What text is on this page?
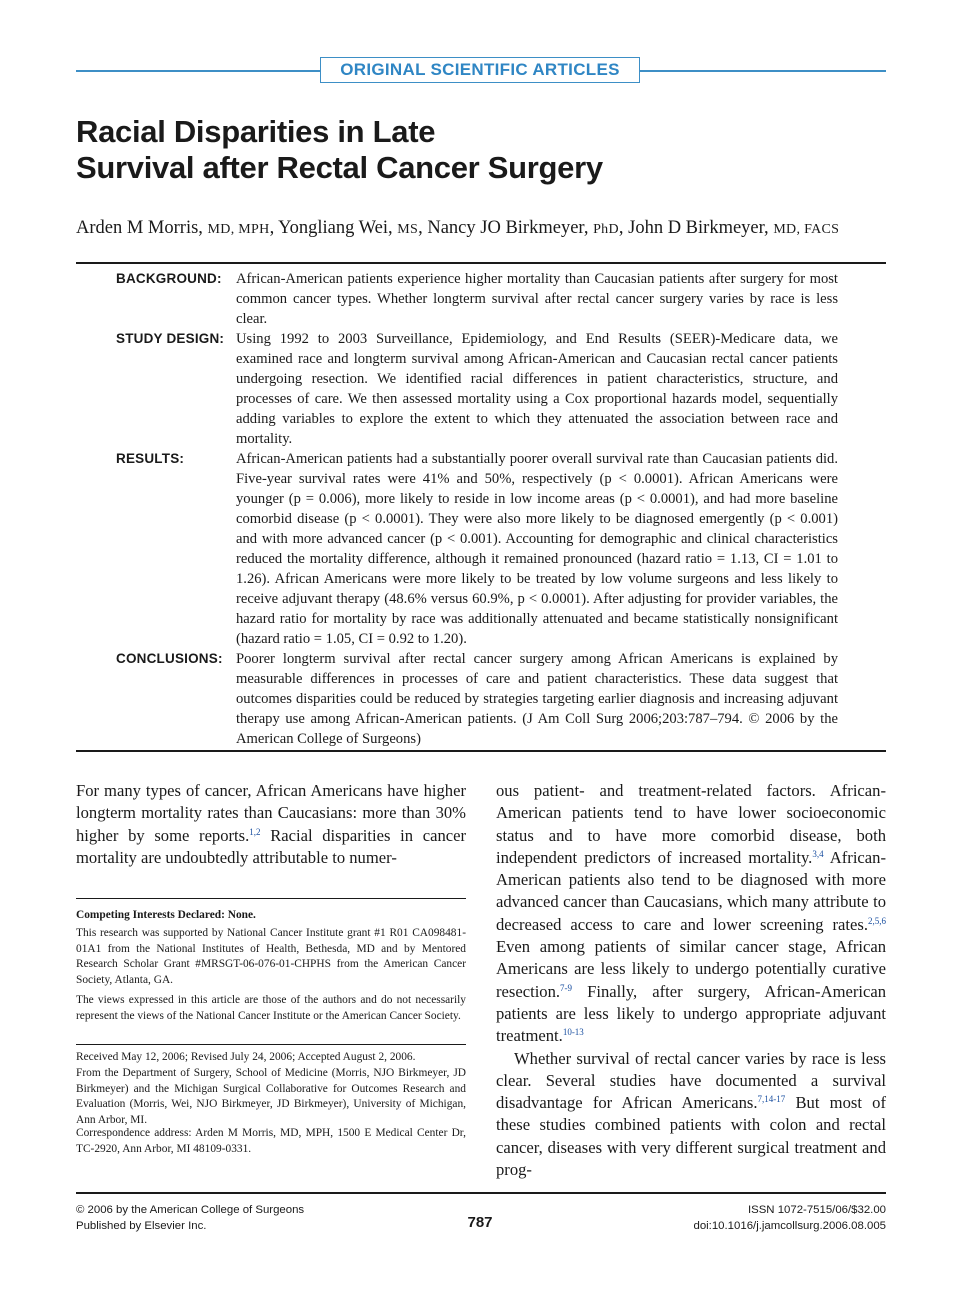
ORIGINAL SCIENTIFIC ARTICLES
Racial Disparities in Late
Survival after Rectal Cancer Surgery
Arden M Morris, MD, MPH, Yongliang Wei, MS, Nancy JO Birkmeyer, PhD, John D Birkmeyer, MD, FACS
BACKGROUND: African-American patients experience higher mortality than Caucasian patients after surgery for most common cancer types. Whether longterm survival after rectal cancer surgery varies by race is less clear.
STUDY DESIGN: Using 1992 to 2003 Surveillance, Epidemiology, and End Results (SEER)-Medicare data, we examined race and longterm survival among African-American and Caucasian rectal cancer patients undergoing resection. We identified racial differences in patient characteristics, structure, and processes of care. We then assessed mortality using a Cox proportional hazards model, sequentially adding variables to explore the extent to which they attenuated the association between race and mortality.
RESULTS:	African-American patients had a substantially poorer overall survival rate than Caucasian patients did. Five-year survival rates were 41% and 50%, respectively (p < 0.0001). African Americans were younger (p = 0.006), more likely to reside in low income areas (p < 0.0001), and had more baseline comorbid disease (p < 0.0001). They were also more likely to be diagnosed emergently (p < 0.001) and with more advanced cancer (p < 0.001). Accounting for demographic and clinical characteristics reduced the mortality difference, although it remained pronounced (hazard ratio = 1.13, CI = 1.01 to 1.26). African Americans were more likely to be treated by low volume surgeons and less likely to receive adjuvant therapy (48.6% versus 60.9%, p < 0.0001). After adjusting for provider variables, the hazard ratio for mortality by race was additionally attenuated and became statistically nonsignificant (hazard ratio = 1.05, CI = 0.92 to 1.20).
CONCLUSIONS: Poorer longterm survival after rectal cancer surgery among African Americans is explained by measurable differences in processes of care and patient characteristics. These data suggest that outcomes disparities could be reduced by strategies targeting earlier diagnosis and increasing adjuvant therapy use among African-American patients. (J Am Coll Surg 2006;203:787–794. © 2006 by the American College of Surgeons)
For many types of cancer, African Americans have higher longterm mortality rates than Caucasians: more than 30% higher by some reports.$^{1,2}$ Racial disparities in cancer mortality are undoubtedly attributable to numer-
Competing Interests Declared: None.
This research was supported by National Cancer Institute grant #1 R01 CA098481-01A1 from the National Institutes of Health, Bethesda, MD and by Mentored Research Scholar Grant #MRSGT-06-076-01-CHPHS from the American Cancer Society, Atlanta, GA.
The views expressed in this article are those of the authors and do not necessarily represent the views of the National Cancer Institute or the American Cancer Society.
Received May 12, 2006; Revised July 24, 2006; Accepted August 2, 2006.
From the Department of Surgery, School of Medicine (Morris, NJO Birkmeyer, JD Birkmeyer) and the Michigan Surgical Collaborative for Outcomes Research and Evaluation (Morris, Wei, NJO Birkmeyer, JD Birkmeyer), University of Michigan, Ann Arbor, MI.
Correspondence address: Arden M Morris, MD, MPH, 1500 E Medical Center Dr, TC-2920, Ann Arbor, MI 48109-0331.

ous patient- and treatment-related factors. African-American patients tend to have lower socioeconomic status and to have more comorbid disease, both independent predictors of increased mortality.$^{3,4}$ African-American patients also tend to be diagnosed with more advanced cancer than Caucasians, which many attribute to decreased access to care and lower screening rates.$^{2,5,6}$ Even among patients of similar cancer stage, African Americans are less likely to undergo potentially curative resection.$^{7-9}$ Finally, after surgery, African-American patients are less likely to undergo appropriate adjuvant treatment.$^{10-13}$

Whether survival of rectal cancer varies by race is less clear. Several studies have documented a survival disadvantage for African Americans.$^{7,14-17}$ But most of these studies combined patients with colon and rectal cancer, diseases with very different surgical treatment and prog-

© 2006 by the American College of Surgeons
Published by Elsevier Inc.	787
ISSN 1072-7515/06/$32.00
doi:10.1016/j.jamcollsurg.2006.08.005
